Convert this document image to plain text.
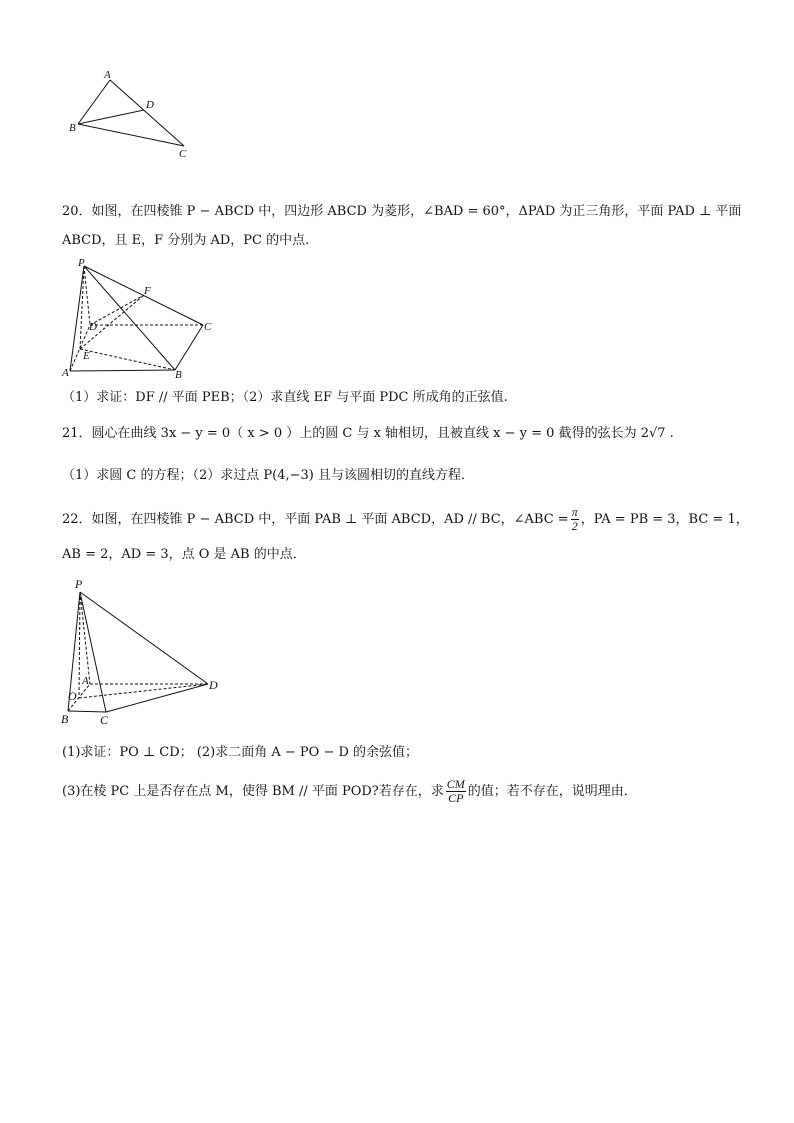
A
D
B
C
20．如图，在四棱锥 P − ABCD 中，四边形 ABCD 为菱形，∠BAD = 60°，ΔPAD 为正三角形，平面 PAD ⊥ 平面
ABCD，且 E，F 分别为 AD，PC 的中点.
P
F
D	C
E
A	B
（1）求证：DF // 平面 PEB；（2）求直线 EF 与平面 PDC 所成角的正弦值.
21．圆心在曲线 3x − y = 0（ x > 0 ）上的圆 C 与 x 轴相切，且被直线 x − y = 0 截得的弦长为 2√7 .
（1）求圆 C 的方程；（2）求过点 P(4,−3) 且与该圆相切的直线方程．
22．如图，在四棱锥 P − ABCD 中，平面 PAB ⊥ 平面 ABCD，AD // BC，∠ABC = $\frac{\pi}{2}$ ，PA = PB = 3，BC = 1，
AB = 2，AD = 3，点 O 是 AB 的中点．
P
A
O
D
B	C
(1)求证：PO ⊥ CD； (2)求二面角 A − PO − D 的余弦值；
(3)在棱 PC 上是否存在点 M，使得 BM // 平面 POD?若存在，求 $\frac{CM}{CP}$ 的值；若不存在，说明理由．
